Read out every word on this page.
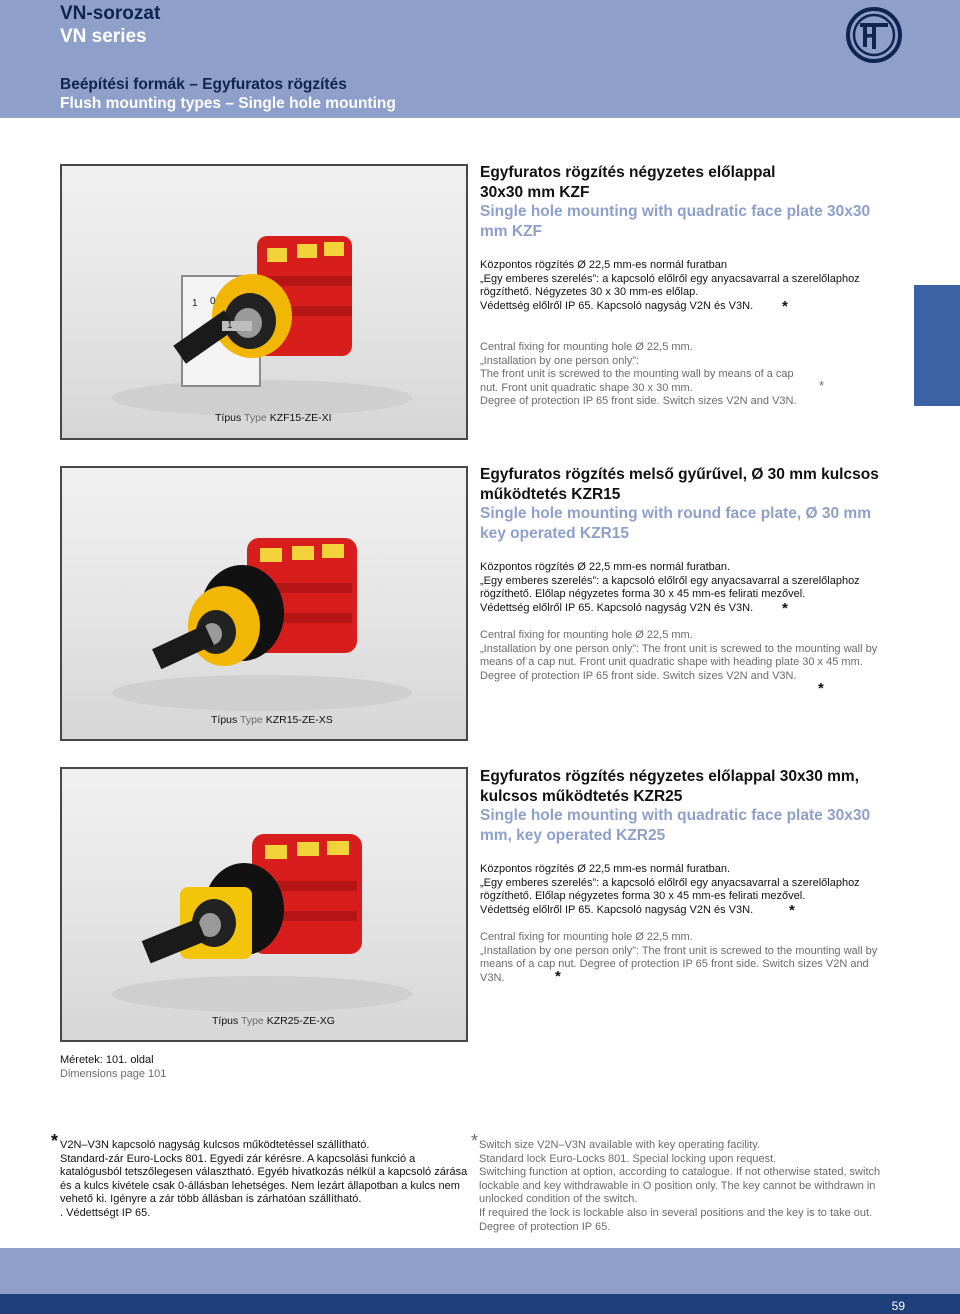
VN-sorozat
VN series
Beépítési formák – Egyfuratos rögzítés
Flush mounting types – Single hole mounting
1 0
1
Típus Type KZF15-ZE-XI
Egyfuratos rögzítés négyzetes előlappal 30x30 mm KZF
Single hole mounting with quadratic face plate 30x30 mm KZF
Központos rögzítés Ø 22,5 mm-es normál furatban
„Egy emberes szerelés”: a kapcsoló előlről egy anyacsavarral a szerelőlaphoz rögzíthető. Négyzetes 30 x 30 mm-es előlap.
Védettség előlről IP 65. Kapcsoló nagyság V2N és V3N.	*
Central fixing for mounting hole Ø 22,5 mm.
„Installation by one person only”:
The front unit is screwed to the mounting wall by means of a cap nut. Front unit quadratic shape 30 x 30 mm.
Degree of protection IP 65 front side. Switch sizes V2N and V3N.
*
Típus Type KZR15-ZE-XS
Egyfuratos rögzítés melső gyűrűvel, Ø 30 mm kulcsos működtetés KZR15
Single hole mounting with round face plate, Ø 30 mm key operated KZR15
Központos rögzítés Ø 22,5 mm-es normál furatban.
„Egy emberes szerelés”: a kapcsoló előlről egy anyacsavarral a szerelőlaphoz rögzíthető. Előlap négyzetes forma 30 x 45 mm-es felirati mezővel.
Védettség előlről IP 65. Kapcsoló nagyság V2N és V3N.	*
Central fixing for mounting hole Ø 22,5 mm.
„Installation by one person only”: The front unit is screwed to the mounting wall by means of a cap nut. Front unit quadratic shape with heading plate 30 x 45 mm.
Degree of protection IP 65 front side. Switch sizes V2N and V3N.
*
Típus Type KZR25-ZE-XG
Egyfuratos rögzítés négyzetes előlappal 30x30 mm, kulcsos működtetés KZR25
Single hole mounting with quadratic face plate 30x30 mm, key operated KZR25
Központos rögzítés Ø 22,5 mm-es normál furatban.
„Egy emberes szerelés”: a kapcsoló előlről egy anyacsavarral a szerelőlaphoz rögzíthető. Előlap négyzetes forma 30 x 45 mm-es felirati mezővel.
Védettség előlről IP 65. Kapcsoló nagyság V2N és V3N.	*
Central fixing for mounting hole Ø 22,5 mm.
„Installation by one person only”: The front unit is screwed to the mounting wall by means of a cap nut. Degree of protection IP 65 front side. Switch sizes V2N and V3N.	*
Méretek: 101. oldal
Dimensions page 101
* V2N–V3N kapcsoló nagyság kulcsos működtetéssel szállítható.
Standard-zár Euro-Locks 801. Egyedi zár kérésre. A kapcsolási funkció a katalógusból tetszőlegesen választható. Egyéb hivatkozás nélkül a kapcsoló zárása és a kulcs kivétele csak 0-állásban lehetséges. Nem lezárt állapotban a kulcs nem vehető ki. Igényre a zár több állásban is zárhatóan szállítható.
. Védettségt IP 65.
* Switch size V2N–V3N available with key operating facility.
Standard lock Euro-Locks 801. Special locking upon request.
Switching function at option, according to catalogue. If not otherwise stated, switch lockable and key withdrawable in O position only. The key cannot be withdrawn in unlocked condition of the switch.
If required the lock is lockable also in several positions and the key is to take out.
Degree of protection IP 65.
59
